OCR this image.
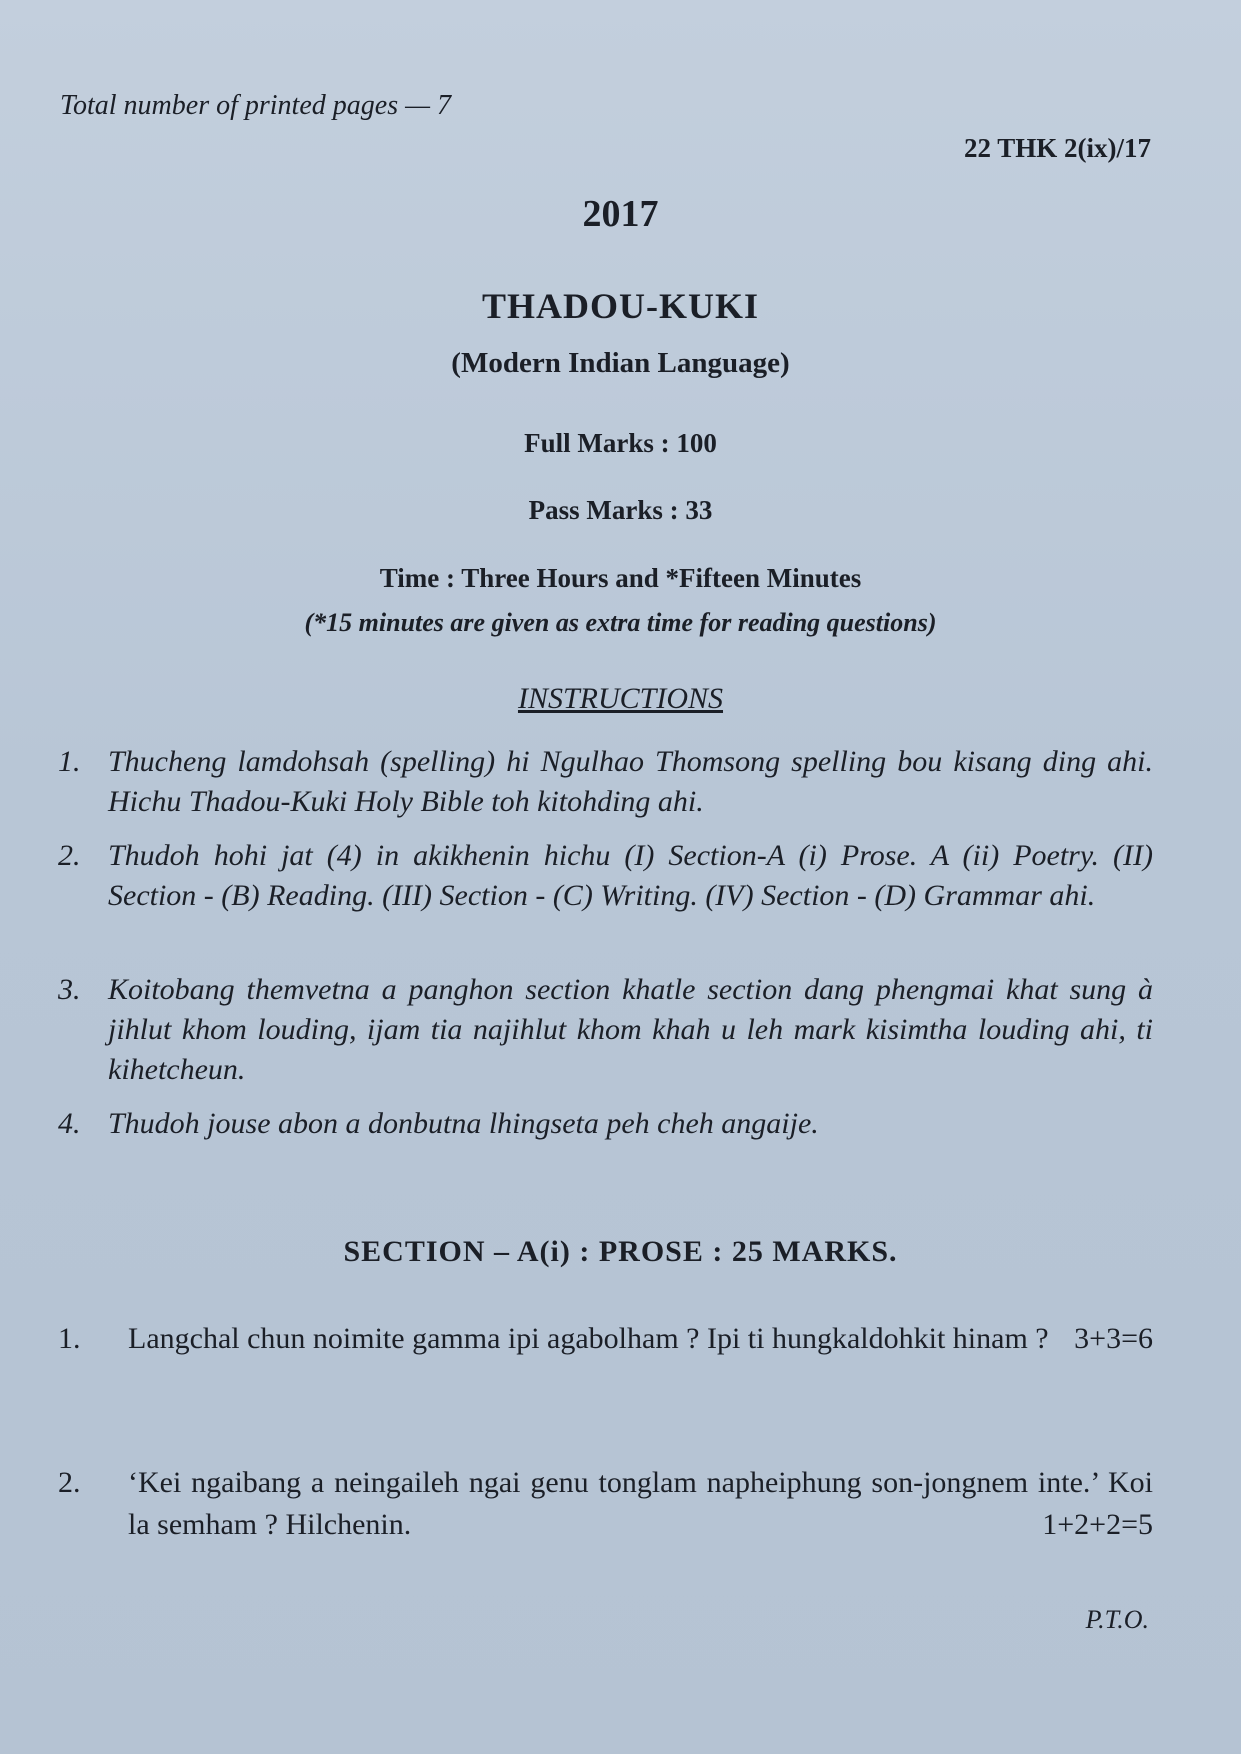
Total number of printed pages — 7
22 THK 2(ix)/17
2017
THADOU-KUKI
(Modern Indian Language)
Full Marks : 100
Pass Marks : 33
Time : Three Hours and *Fifteen Minutes
(*15 minutes are given as extra time for reading questions)
INSTRUCTIONS
1. Thucheng lamdohsah (spelling) hi Ngulhao Thomsong spelling bou kisang ding ahi. Hichu Thadou-Kuki Holy Bible toh kitohding ahi.
2. Thudoh hohi jat (4) in akikhenin hichu (I) Section-A (i) Prose. A (ii) Poetry. (II) Section - (B) Reading. (III) Section - (C) Writing. (IV) Section - (D) Grammar ahi.
3. Koitobang themvetna a panghon section khatle section dang phengmai khat sung à jihlut khom louding, ijam tia najihlut khom khah u leh mark kisimtha louding ahi, ti kihetcheun.
4. Thudoh jouse abon a donbutna lhingseta peh cheh angaije.
SECTION – A(i) : PROSE : 25 MARKS.
1. Langchal chun noimite gamma ipi agabolham ? Ipi ti hungkaldohkit hinam ? 3+3=6
2. ‘Kei ngaibang a neingaileh ngai genu tonglam napheiphung son-jongnem inte.’ Koi la semham ? Hilchenin.	1+2+2=5
P.T.O.
